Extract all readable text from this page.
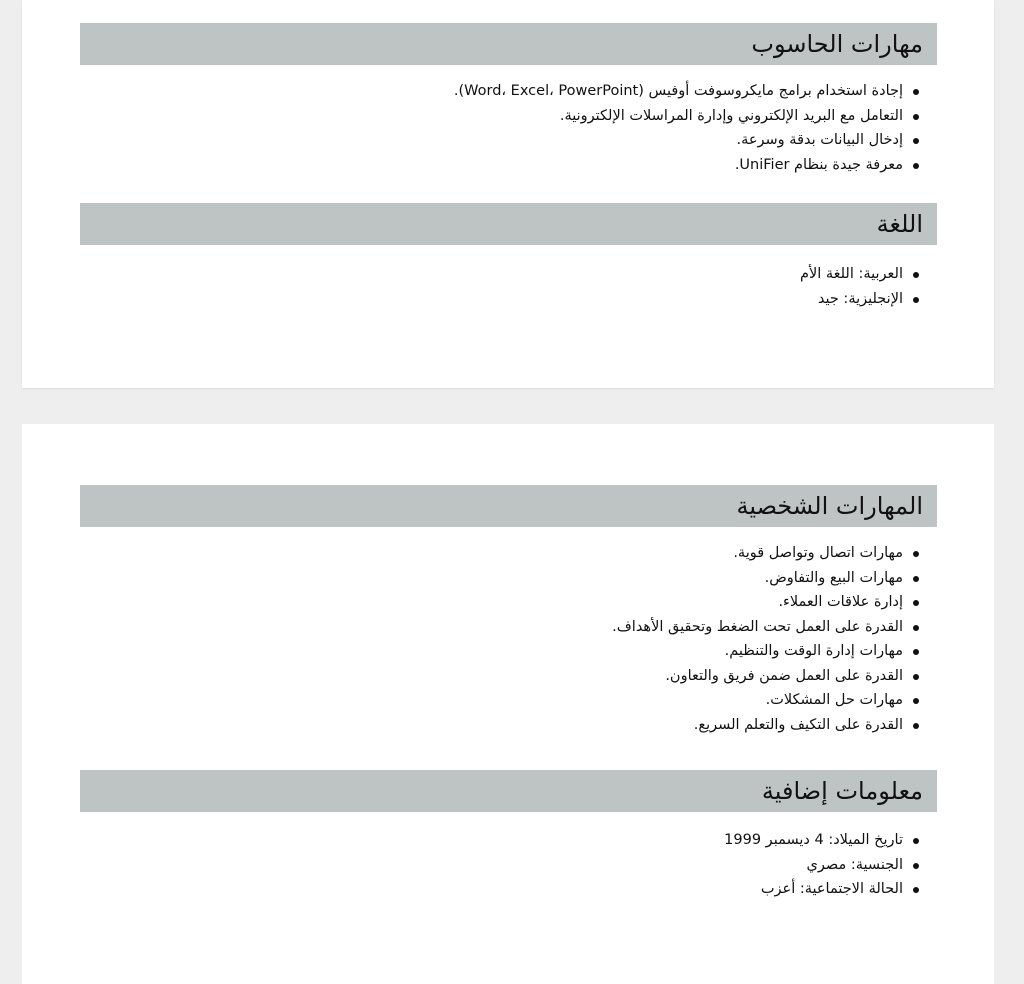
مهارات الحاسوب
إجادة استخدام برامج مايكروسوفت أوفيس (Word، Excel، PowerPoint).
التعامل مع البريد الإلكتروني وإدارة المراسلات الإلكترونية.
إدخال البيانات بدقة وسرعة.
معرفة جيدة بنظام UniFier.
اللغة
العربية: اللغة الأم
الإنجليزية: جيد
المهارات الشخصية
مهارات اتصال وتواصل قوية.
مهارات البيع والتفاوض.
إدارة علاقات العملاء.
القدرة على العمل تحت الضغط وتحقيق الأهداف.
مهارات إدارة الوقت والتنظيم.
القدرة على العمل ضمن فريق والتعاون.
مهارات حل المشكلات.
القدرة على التكيف والتعلم السريع.
معلومات إضافية
تاريخ الميلاد: 4 ديسمبر 1999
الجنسية: مصري
الحالة الاجتماعية: أعزب
